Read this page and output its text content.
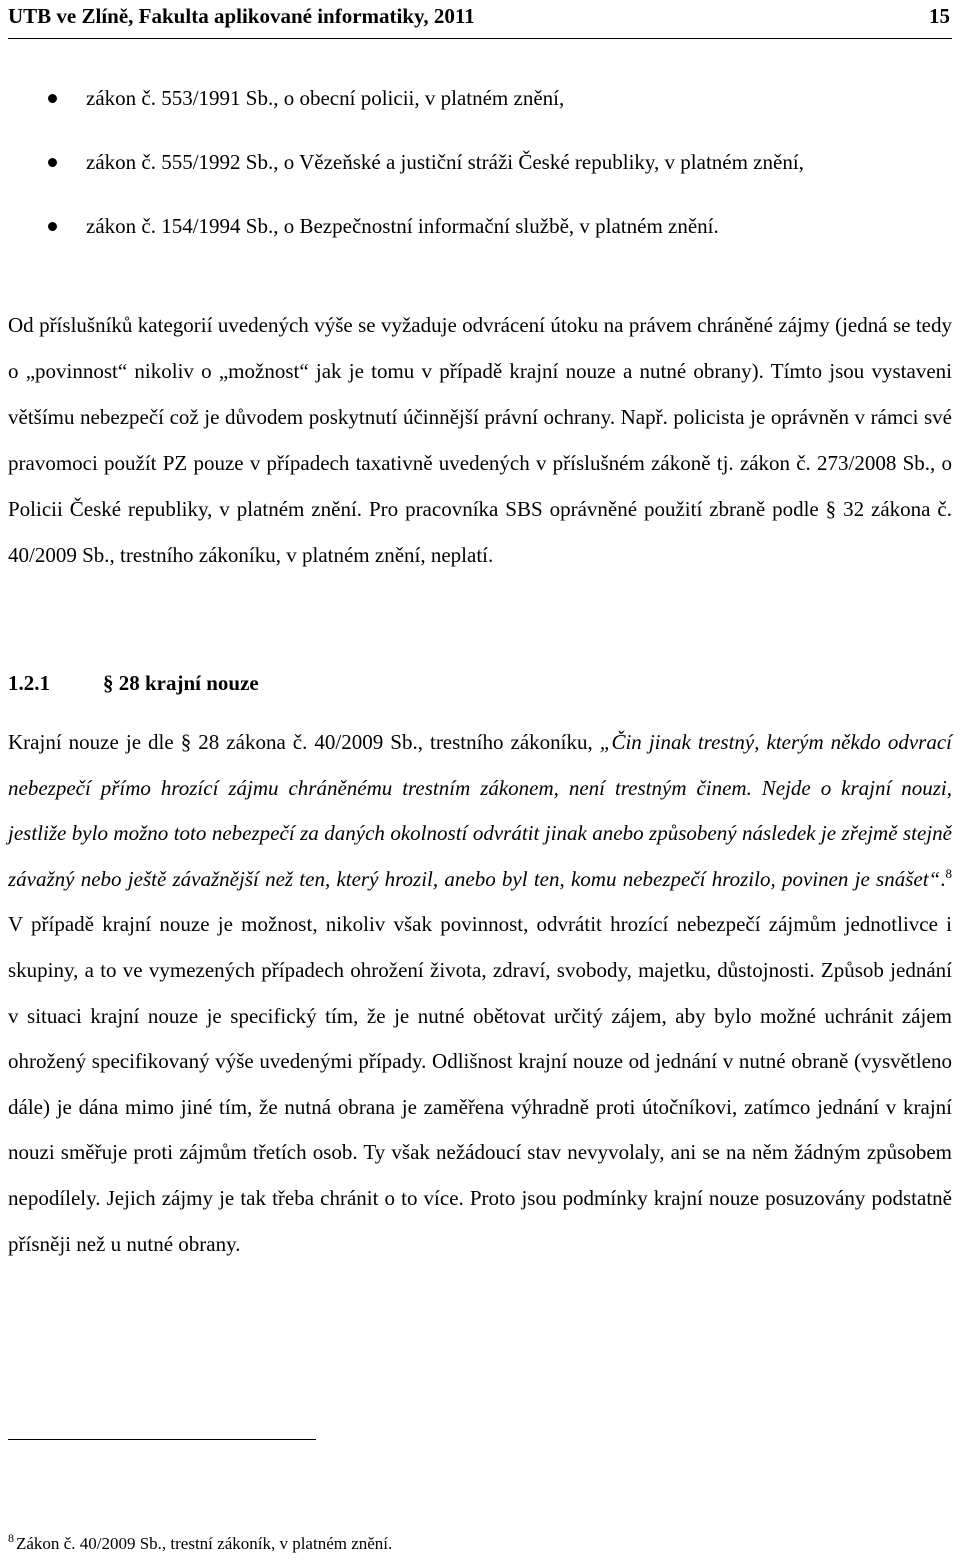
UTB ve Zlíně, Fakulta aplikované informatiky, 2011	15
zákon č. 553/1991 Sb., o obecní policii, v platném znění,
zákon č. 555/1992 Sb., o Vězeňské a justiční stráži České republiky, v platném znění,
zákon č. 154/1994 Sb., o Bezpečnostní informační službě, v platném znění.
Od příslušníků kategorií uvedených výše se vyžaduje odvrácení útoku na právem chráněné zájmy (jedná se tedy o „povinnost“ nikoliv o „možnost“ jak je tomu v případě krajní nouze a nutné obrany). Tímto jsou vystaveni většímu nebezpečí což je důvodem poskytnutí účinnější právní ochrany. Např. policista je oprávněn v rámci své pravomoci použít PZ pouze v případech taxativně uvedených v příslušném zákoně tj. zákon č. 273/2008 Sb., o Policii České republiky, v platném znění. Pro pracovníka SBS oprávněné použití zbraně podle § 32 zákona č. 40/2009 Sb., trestního zákoníku, v platném znění, neplatí.
1.2.1	§ 28 krajní nouze
Krajní nouze je dle § 28 zákona č. 40/2009 Sb., trestního zákoníku, „Čin jinak trestný, kterým někdo odvrací nebezpečí přímo hrozící zájmu chráněnému trestním zákonem, není trestným činem. Nejde o krajní nouzi, jestliže bylo možno toto nebezpečí za daných okolností odvrátit jinak anebo způsobený následek je zřejmě stejně závažný nebo ještě závažnější než ten, který hrozil, anebo byl ten, komu nebezpečí hrozilo, povinen je snášet“.$^8$ V případě krajní nouze je možnost, nikoliv však povinnost, odvrátit hrozící nebezpečí zájmům jednotlivce i skupiny, a to ve vymezených případech ohrožení života, zdraví, svobody, majetku, důstojnosti. Způsob jednání v situaci krajní nouze je specifický tím, že je nutné obětovat určitý zájem, aby bylo možné uchránit zájem ohrožený specifikovaný výše uvedenými případy. Odlišnost krajní nouze od jednání v nutné obraně (vysvětleno dále) je dána mimo jiné tím, že nutná obrana je zaměřena výhradně proti útočníkovi, zatímco jednání v krajní nouzi směřuje proti zájmům třetích osob. Ty však nežádoucí stav nevyvolaly, ani se na něm žádným způsobem nepodílely. Jejich zájmy je tak třeba chránit o to více. Proto jsou podmínky krajní nouze posuzovány podstatně přísněji než u nutné obrany.
$^8$ Zákon č. 40/2009 Sb., trestní zákoník, v platném znění.
